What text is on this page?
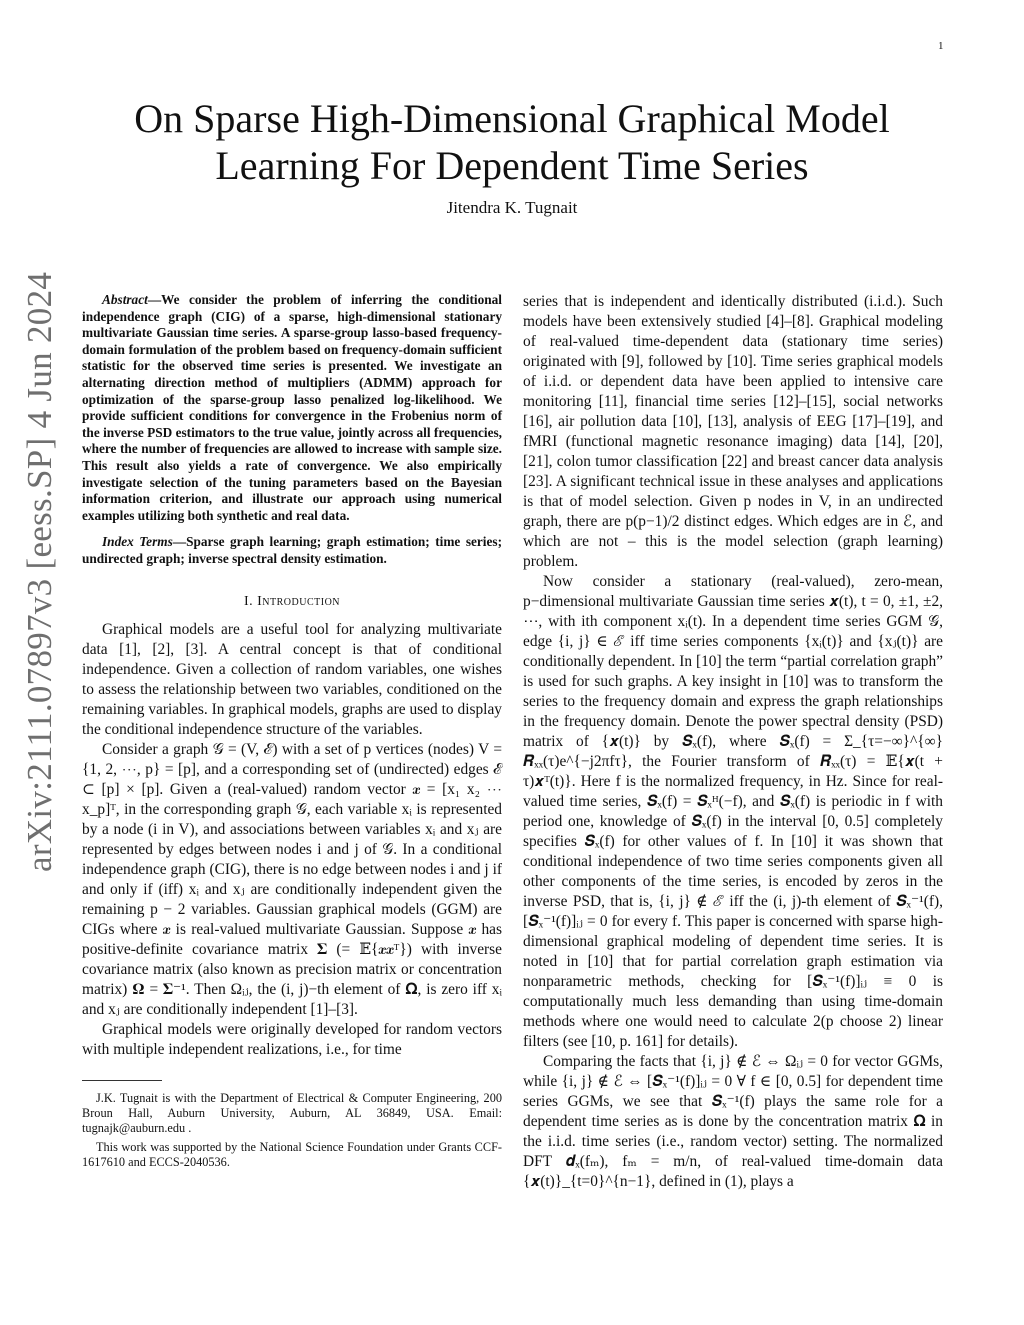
1
arXiv:2111.07897v3 [eess.SP] 4 Jun 2024
On Sparse High-Dimensional Graphical Model
Learning For Dependent Time Series
Jitendra K. Tugnait

Abstract—We consider the problem of inferring the conditional independence graph (CIG) of a sparse, high-dimensional stationary multivariate Gaussian time series. A sparse-group lasso-based frequency-domain formulation of the problem based on frequency-domain sufficient statistic for the observed time series is presented. We investigate an alternating direction method of multipliers (ADMM) approach for optimization of the sparse-group lasso penalized log-likelihood. We provide sufficient conditions for convergence in the Frobenius norm of the inverse PSD estimators to the true value, jointly across all frequencies, where the number of frequencies are allowed to increase with sample size. This result also yields a rate of convergence. We also empirically investigate selection of the tuning parameters based on the Bayesian information criterion, and illustrate our approach using numerical examples utilizing both synthetic and real data.

Index Terms—Sparse graph learning; graph estimation; time series; undirected graph; inverse spectral density estimation.

I. Introduction

Graphical models are a useful tool for analyzing multivariate data [1], [2], [3]. A central concept is that of conditional independence. Given a collection of random variables, one wishes to assess the relationship between two variables, conditioned on the remaining variables. In graphical models, graphs are used to display the conditional independence structure of the variables.

Consider a graph 𝒢 = (V, ℰ) with a set of p vertices (nodes) V = {1, 2, ⋯, p} = [p], and a corresponding set of (undirected) edges ℰ ⊂ [p] × [p]. Given a (real-valued) random vector 𝒙 = [x₁ x₂ ⋯ x_p]ᵀ, in the corresponding graph 𝒢, each variable xᵢ is represented by a node (i in V), and associations between variables xᵢ and xⱼ are represented by edges between nodes i and j of 𝒢. In a conditional independence graph (CIG), there is no edge between nodes i and j if and only if (iff) xᵢ and xⱼ are conditionally independent given the remaining p − 2 variables. Gaussian graphical models (GGM) are CIGs where 𝒙 is real-valued multivariate Gaussian. Suppose 𝒙 has positive-definite covariance matrix 𝚺 (= 𝔼{𝒙𝒙ᵀ}) with inverse covariance matrix (also known as precision matrix or concentration matrix) 𝛀 = 𝚺⁻¹. Then Ωᵢⱼ, the (i, j)−th element of 𝛀, is zero iff xᵢ and xⱼ are conditionally independent [1]–[3].

Graphical models were originally developed for random vectors with multiple independent realizations, i.e., for time

J.K. Tugnait is with the Department of Electrical & Computer Engineering, 200 Broun Hall, Auburn University, Auburn, AL 36849, USA. Email: tugnajk@auburn.edu .

This work was supported by the National Science Foundation under Grants CCF-1617610 and ECCS-2040536.

series that is independent and identically distributed (i.i.d.). Such models have been extensively studied [4]–[8]. Graphical modeling of real-valued time-dependent data (stationary time series) originated with [9], followed by [10]. Time series graphical models of i.i.d. or dependent data have been applied to intensive care monitoring [11], financial time series [12]–[15], social networks [16], air pollution data [10], [13], analysis of EEG [17]–[19], and fMRI (functional magnetic resonance imaging) data [14], [20], [21], colon tumor classification [22] and breast cancer data analysis [23]. A significant technical issue in these analyses and applications is that of model selection. Given p nodes in V, in an undirected graph, there are p(p−1)/2 distinct edges. Which edges are in ℰ, and which are not – this is the model selection (graph learning) problem.

Now consider a stationary (real-valued), zero-mean, p−dimensional multivariate Gaussian time series 𝒙(t), t = 0, ±1, ±2, ⋯, with ith component xᵢ(t). In a dependent time series GGM 𝒢, edge {i, j} ∈ ℰ iff time series components {xᵢ(t)} and {xⱼ(t)} are conditionally dependent. In [10] the term “partial correlation graph” is used for such graphs. A key insight in [10] was to transform the series to the frequency domain and express the graph relationships in the frequency domain. Denote the power spectral density (PSD) matrix of {𝒙(t)} by 𝑺ₓ(f), where 𝑺ₓ(f) = Σ_{τ=−∞}^{∞} 𝑹ₓₓ(τ)e^{−j2πfτ}, the Fourier transform of 𝑹ₓₓ(τ) = 𝔼{𝒙(t + τ)𝒙ᵀ(t)}. Here f is the normalized frequency, in Hz. Since for real-valued time series, 𝑺ₓ(f) = 𝑺ₓᴴ(−f), and 𝑺ₓ(f) is periodic in f with period one, knowledge of 𝑺ₓ(f) in the interval [0, 0.5] completely specifies 𝑺ₓ(f) for other values of f. In [10] it was shown that conditional independence of two time series components given all other components of the time series, is encoded by zeros in the inverse PSD, that is, {i, j} ∉ ℰ iff the (i, j)-th element of 𝑺ₓ⁻¹(f), [𝑺ₓ⁻¹(f)]ᵢⱼ = 0 for every f. This paper is concerned with sparse high-dimensional graphical modeling of dependent time series. It is noted in [10] that for partial correlation graph estimation via nonparametric methods, checking for [𝑺ₓ⁻¹(f)]ᵢⱼ ≡ 0 is computationally much less demanding than using time-domain methods where one would need to calculate 2(p choose 2) linear filters (see [10, p. 161] for details).

Comparing the facts that {i, j} ∉ ℰ ⇔ Ωᵢⱼ = 0 for vector GGMs, while {i, j} ∉ ℰ ⇔ [𝑺ₓ⁻¹(f)]ᵢⱼ = 0 ∀ f ∈ [0, 0.5] for dependent time series GGMs, we see that 𝑺ₓ⁻¹(f) plays the same role for a dependent time series as is done by the concentration matrix 𝛀 in the i.i.d. time series (i.e., random vector) setting. The normalized DFT 𝒅ₓ(fₘ), fₘ = m/n, of real-valued time-domain data {𝒙(t)}_{t=0}^{n−1}, defined in (1), plays a
